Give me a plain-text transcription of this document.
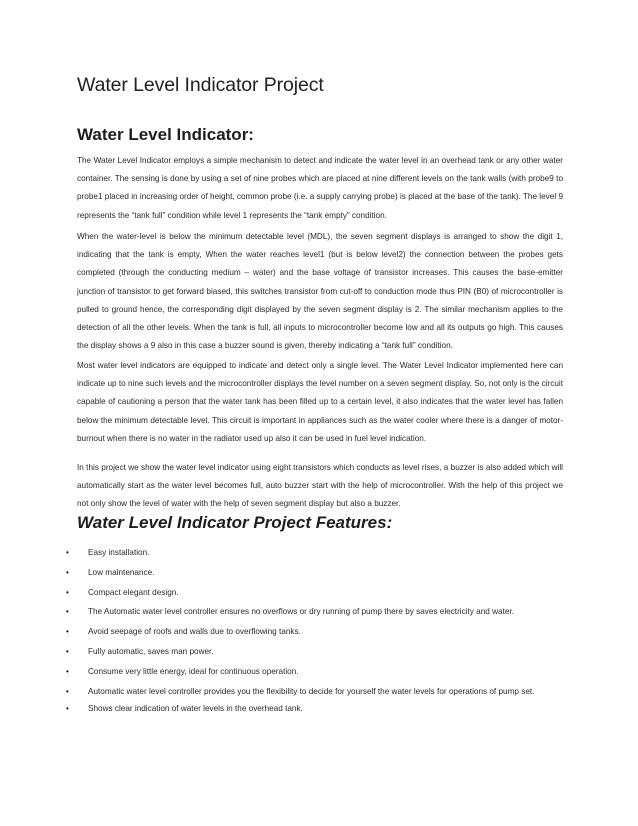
Water Level Indicator Project
Water Level Indicator:

The Water Level Indicator employs a simple mechanism to detect and indicate the water level in an overhead tank or any other water container. The sensing is done by using a set of nine probes which are placed at nine different levels on the tank walls (with probe9 to probe1 placed in increasing order of height, common probe (i.e. a supply carrying probe) is placed at the base of the tank). The level 9 represents the “tank full” condition while level 1 represents the “tank empty” condition.

When the water-level is below the minimum detectable level (MDL), the seven segment displays is arranged to show the digit 1, indicating that the tank is empty, When the water reaches level1 (but is below level2) the connection between the probes gets completed (through the conducting medium – water) and the base voltage of transistor increases. This causes the base-emitter junction of transistor to get forward biased, this switches transistor from cut-off to conduction mode thus PIN (B0) of microcontroller is pulled to ground hence, the corresponding digit displayed by the seven segment display is 2. The similar mechanism applies to the detection of all the other levels. When the tank is full, all inputs to microcontroller become low and all its outputs go high. This causes the display shows a 9 also in this case a buzzer sound is given, thereby indicating a “tank full” condition.

Most water level indicators are equipped to indicate and detect only a single level. The Water Level Indicator implemented here can indicate up to nine such levels and the microcontroller displays the level number on a seven segment display. So, not only is the circuit capable of cautioning a person that the water tank has been filled up to a certain level, it also indicates that the water level has fallen below the minimum detectable level. This circuit is important in appliances such as the water cooler where there is a danger of motor-burnout when there is no water in the radiator used up also it can be used in fuel level indication.

In this project we show the water level indicator using eight transistors which conducts as level rises, a buzzer is also added which will automatically start as the water level becomes full, auto buzzer start with the help of microcontroller. With the help of this project we not only show the level of water with the help of seven segment display but also a buzzer.

Water Level Indicator Project Features:
• Easy installation.
• Low maintenance.
• Compact elegant design.
• The Automatic water level controller ensures no overflows or dry running of pump there by saves electricity and water.
• Avoid seepage of roofs and walls due to overflowing tanks.
• Fully automatic, saves man power.
• Consume very little energy, ideal for continuous operation.
• Automatic water level controller provides you the flexibility to decide for yourself the water levels for operations of pump set.
• Shows clear indication of water levels in the overhead tank.
